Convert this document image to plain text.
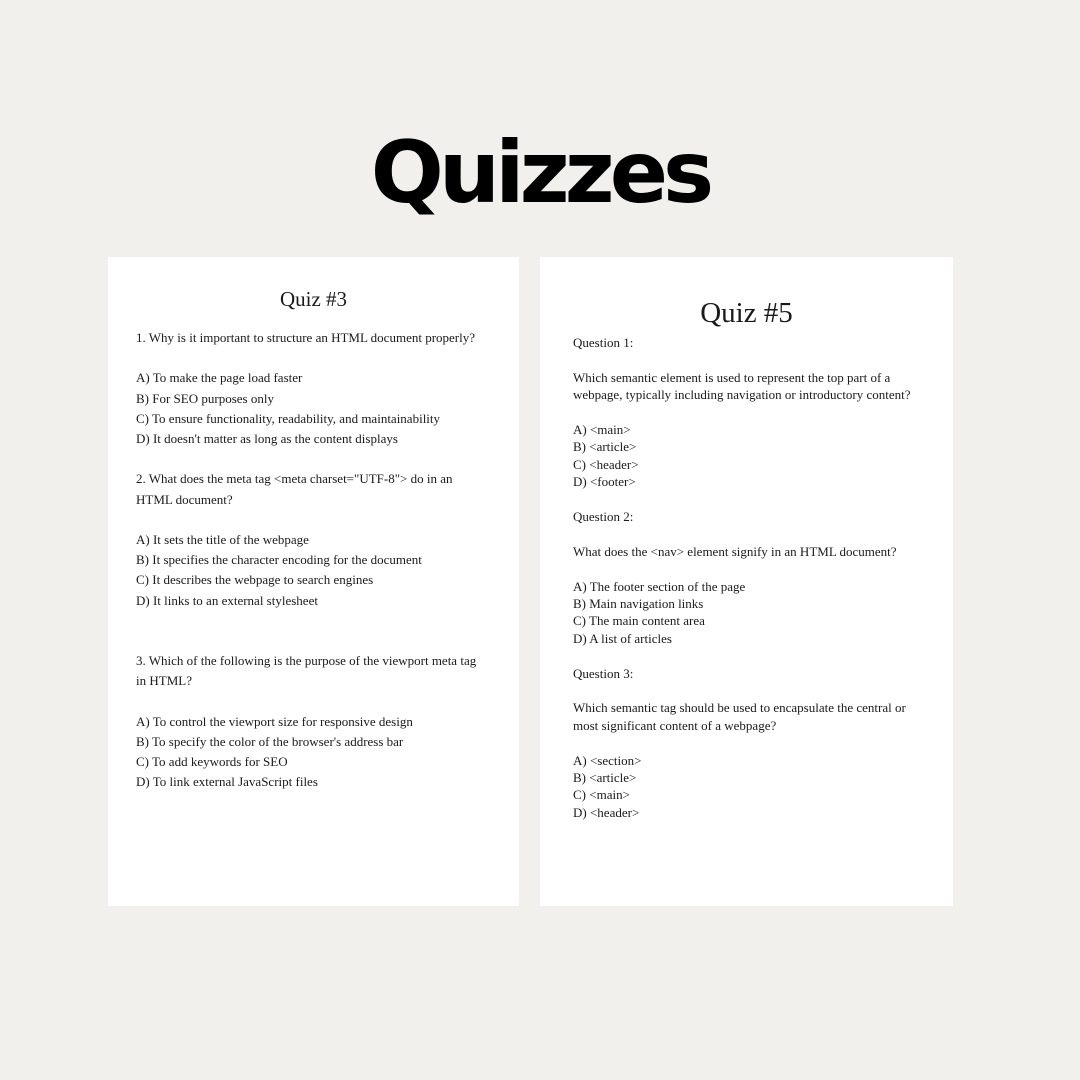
Quizzes
Quiz #3
1. Why is it important to structure an HTML document properly?
A) To make the page load faster
B) For SEO purposes only
C) To ensure functionality, readability, and maintainability
D) It doesn't matter as long as the content displays
2. What does the meta tag <meta charset="UTF-8"> do in an HTML document?
A) It sets the title of the webpage
B) It specifies the character encoding for the document
C) It describes the webpage to search engines
D) It links to an external stylesheet
3. Which of the following is the purpose of the viewport meta tag in HTML?
A) To control the viewport size for responsive design
B) To specify the color of the browser's address bar
C) To add keywords for SEO
D) To link external JavaScript files
Quiz #5
Question 1:
Which semantic element is used to represent the top part of a webpage, typically including navigation or introductory content?
A) <main>
B) <article>
C) <header>
D) <footer>
Question 2:
What does the <nav> element signify in an HTML document?
A) The footer section of the page
B) Main navigation links
C) The main content area
D) A list of articles
Question 3:
Which semantic tag should be used to encapsulate the central or most significant content of a webpage?
A) <section>
B) <article>
C) <main>
D) <header>
